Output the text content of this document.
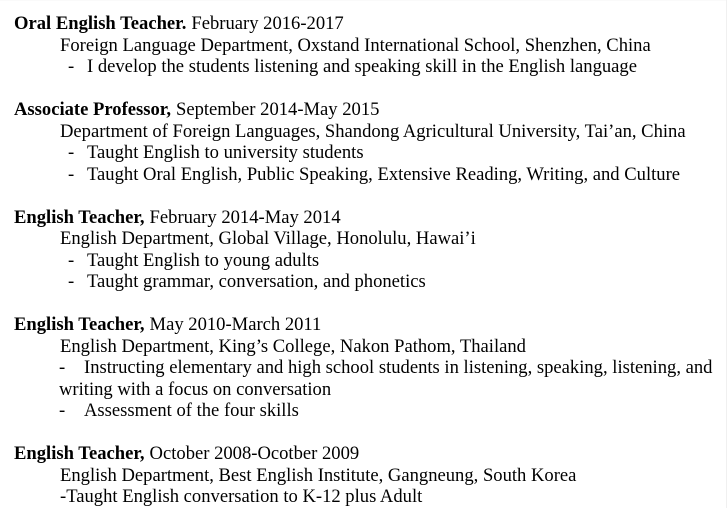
Oral English Teacher. February 2016-2017
Foreign Language Department, Oxstand International School, Shenzhen, China
- I develop the students listening and speaking skill in the English language
Associate Professor, September 2014-May 2015
Department of Foreign Languages, Shandong Agricultural University, Tai’an, China
- Taught English to university students
- Taught Oral English, Public Speaking, Extensive Reading, Writing, and Culture
English Teacher, February 2014-May 2014
English Department, Global Village, Honolulu, Hawai’i
- Taught English to young adults
- Taught grammar, conversation, and phonetics
English Teacher, May 2010-March 2011
English Department, King’s College, Nakon Pathom, Thailand
- Instructing elementary and high school students in listening, speaking, listening, and writing with a focus on conversation
- Assessment of the four skills
English Teacher, October 2008-Ocotber 2009
English Department, Best English Institute, Gangneung, South Korea
-Taught English conversation to K-12 plus Adult
